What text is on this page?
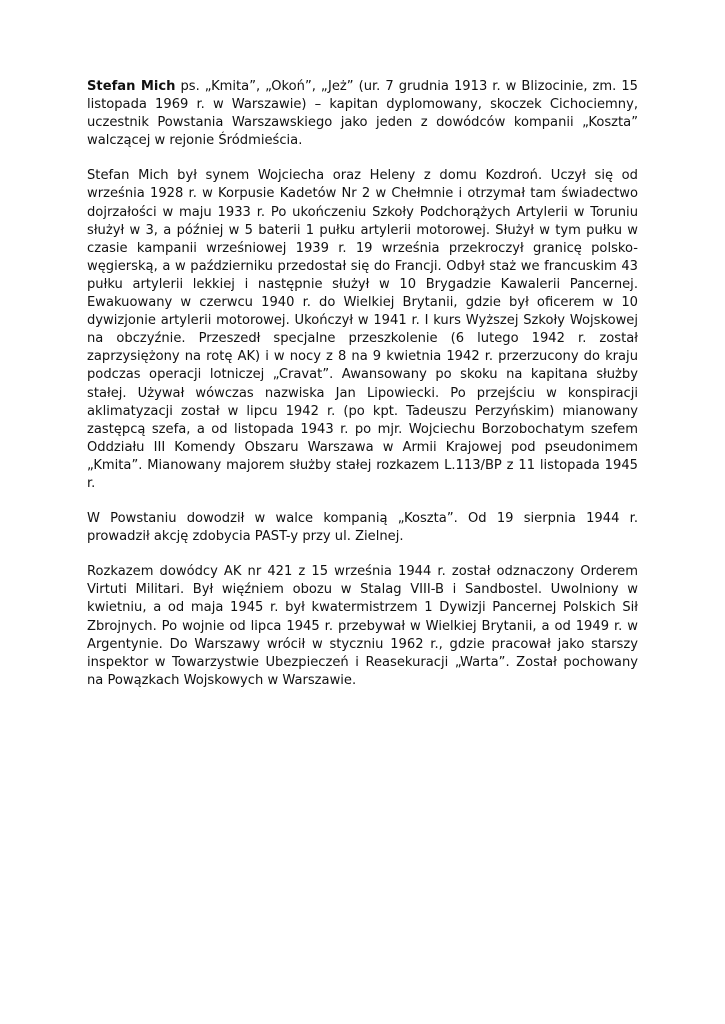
Stefan Mich ps. „Kmita”, „Okoń”, „Jeż” (ur. 7 grudnia 1913 r. w Blizocinie, zm. 15 listopada 1969 r. w Warszawie) – kapitan dyplomowany, skoczek Cichociemny, uczestnik Powstania Warszawskiego jako jeden z dowódców kompanii „Koszta” walczącej w rejonie Śródmieścia.

Stefan Mich był synem Wojciecha oraz Heleny z domu Kozdroń. Uczył się od września 1928 r. w Korpusie Kadetów Nr 2 w Chełmnie i otrzymał tam świadectwo dojrzałości w maju 1933 r. Po ukończeniu Szkoły Podchorążych Artylerii w Toruniu służył w 3, a później w 5 baterii 1 pułku artylerii motorowej. Służył w tym pułku w czasie kampanii wrześniowej 1939 r. 19 września przekroczył granicę polsko-węgierską, a w październiku przedostał się do Francji. Odbył staż we francuskim 43 pułku artylerii lekkiej i następnie służył w 10 Brygadzie Kawalerii Pancernej. Ewakuowany w czerwcu 1940 r. do Wielkiej Brytanii, gdzie był oficerem w 10 dywizjonie artylerii motorowej. Ukończył w 1941 r. I kurs Wyższej Szkoły Wojskowej na obczyźnie. Przeszedł specjalne przeszkolenie (6 lutego 1942 r. został zaprzysiężony na rotę AK) i w nocy z 8 na 9 kwietnia 1942 r. przerzucony do kraju podczas operacji lotniczej „Cravat”. Awansowany po skoku na kapitana służby stałej. Używał wówczas nazwiska Jan Lipowiecki. Po przejściu w konspiracji aklimatyzacji został w lipcu 1942 r. (po kpt. Tadeuszu Perzyńskim) mianowany zastępcą szefa, a od listopada 1943 r. po mjr. Wojciechu Borzobochatym szefem Oddziału III Komendy Obszaru Warszawa w Armii Krajowej pod pseudonimem „Kmita”. Mianowany majorem służby stałej rozkazem L.113/BP z 11 listopada 1945 r.

W Powstaniu dowodził w walce kompanią „Koszta”. Od 19 sierpnia 1944 r. prowadził akcję zdobycia PAST-y przy ul. Zielnej.

Rozkazem dowódcy AK nr 421 z 15 września 1944 r. został odznaczony Orderem Virtuti Militari. Był więźniem obozu w Stalag VIII-B i Sandbostel. Uwolniony w kwietniu, a od maja 1945 r. był kwatermistrzem 1 Dywizji Pancernej Polskich Sił Zbrojnych. Po wojnie od lipca 1945 r. przebywał w Wielkiej Brytanii, a od 1949 r. w Argentynie. Do Warszawy wrócił w styczniu 1962 r., gdzie pracował jako starszy inspektor w Towarzystwie Ubezpieczeń i Reasekuracji „Warta”. Został pochowany na Powązkach Wojskowych w Warszawie.
